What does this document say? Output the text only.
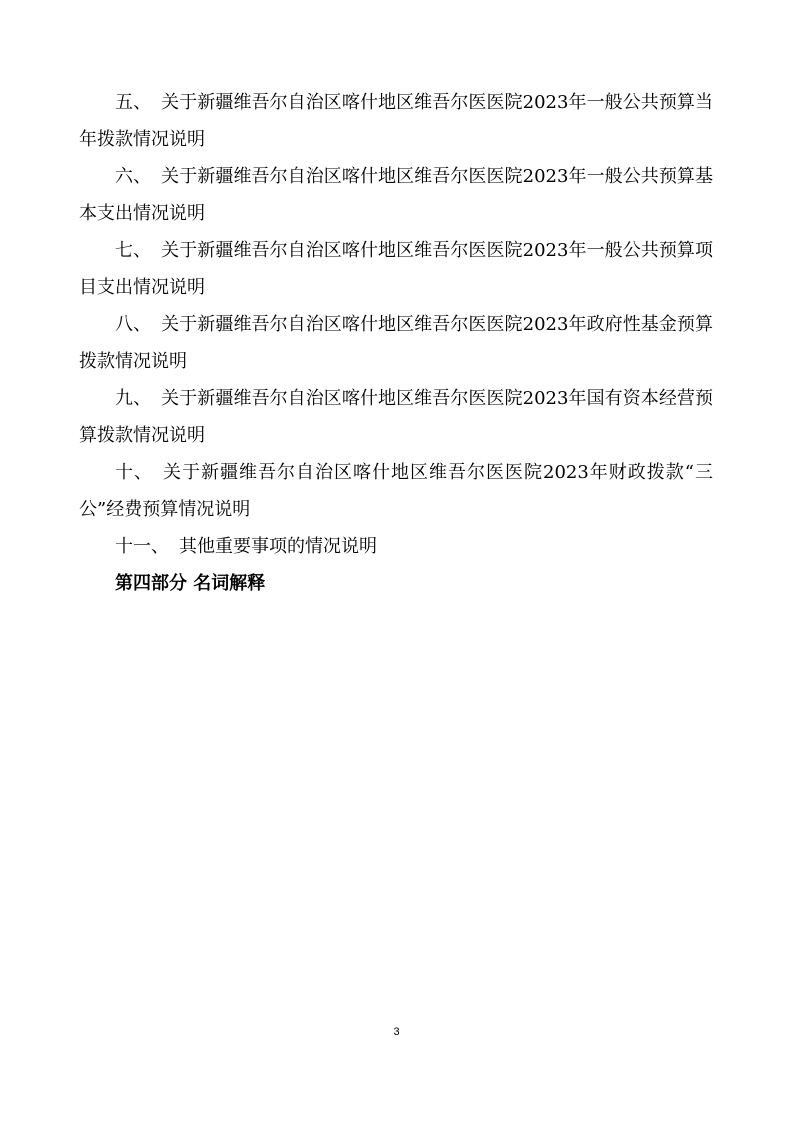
五、 关于新疆维吾尔自治区喀什地区维吾尔医医院2023年一般公共预算当年拨款情况说明

六、 关于新疆维吾尔自治区喀什地区维吾尔医医院2023年一般公共预算基本支出情况说明

七、 关于新疆维吾尔自治区喀什地区维吾尔医医院2023年一般公共预算项目支出情况说明

八、 关于新疆维吾尔自治区喀什地区维吾尔医医院2023年政府性基金预算拨款情况说明

九、 关于新疆维吾尔自治区喀什地区维吾尔医医院2023年国有资本经营预算拨款情况说明

十、 关于新疆维吾尔自治区喀什地区维吾尔医医院2023年财政拨款“三公”经费预算情况说明

十一、 其他重要事项的情况说明

第四部分 名词解释

3
